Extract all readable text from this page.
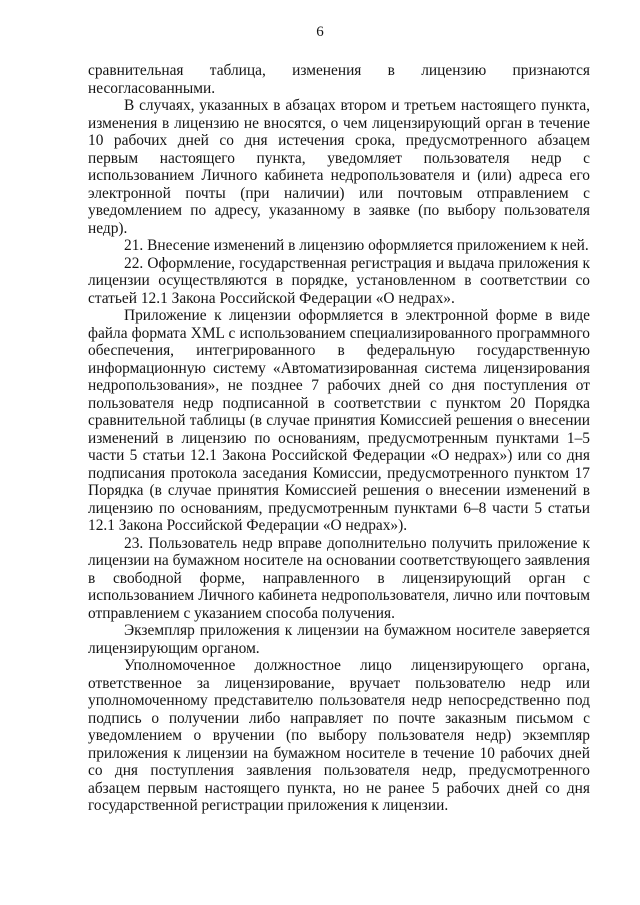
6

сравнительная таблица, изменения в лицензию признаются несогласованными.

В случаях, указанных в абзацах втором и третьем настоящего пункта, изменения в лицензию не вносятся, о чем лицензирующий орган в течение 10 рабочих дней со дня истечения срока, предусмотренного абзацем первым настоящего пункта, уведомляет пользователя недр с использованием Личного кабинета недропользователя и (или) адреса его электронной почты (при наличии) или почтовым отправлением с уведомлением по адресу, указанному в заявке (по выбору пользователя недр).

21. Внесение изменений в лицензию оформляется приложением к ней.

22. Оформление, государственная регистрация и выдача приложения к лицензии осуществляются в порядке, установленном в соответствии со статьей 12.1 Закона Российской Федерации «О недрах».

Приложение к лицензии оформляется в электронной форме в виде файла формата XML с использованием специализированного программного обеспечения, интегрированного в федеральную государственную информационную систему «Автоматизированная система лицензирования недропользования», не позднее 7 рабочих дней со дня поступления от пользователя недр подписанной в соответствии с пунктом 20 Порядка сравнительной таблицы (в случае принятия Комиссией решения о внесении изменений в лицензию по основаниям, предусмотренным пунктами 1–5 части 5 статьи 12.1 Закона Российской Федерации «О недрах») или со дня подписания протокола заседания Комиссии, предусмотренного пунктом 17 Порядка (в случае принятия Комиссией решения о внесении изменений в лицензию по основаниям, предусмотренным пунктами 6–8 части 5 статьи 12.1 Закона Российской Федерации «О недрах»).

23. Пользователь недр вправе дополнительно получить приложение к лицензии на бумажном носителе на основании соответствующего заявления в свободной форме, направленного в лицензирующий орган с использованием Личного кабинета недропользователя, лично или почтовым отправлением с указанием способа получения.

Экземпляр приложения к лицензии на бумажном носителе заверяется лицензирующим органом.

Уполномоченное должностное лицо лицензирующего органа, ответственное за лицензирование, вручает пользователю недр или уполномоченному представителю пользователя недр непосредственно под подпись о получении либо направляет по почте заказным письмом с уведомлением о вручении (по выбору пользователя недр) экземпляр приложения к лицензии на бумажном носителе в течение 10 рабочих дней со дня поступления заявления пользователя недр, предусмотренного абзацем первым настоящего пункта, но не ранее 5 рабочих дней со дня государственной регистрации приложения к лицензии.
